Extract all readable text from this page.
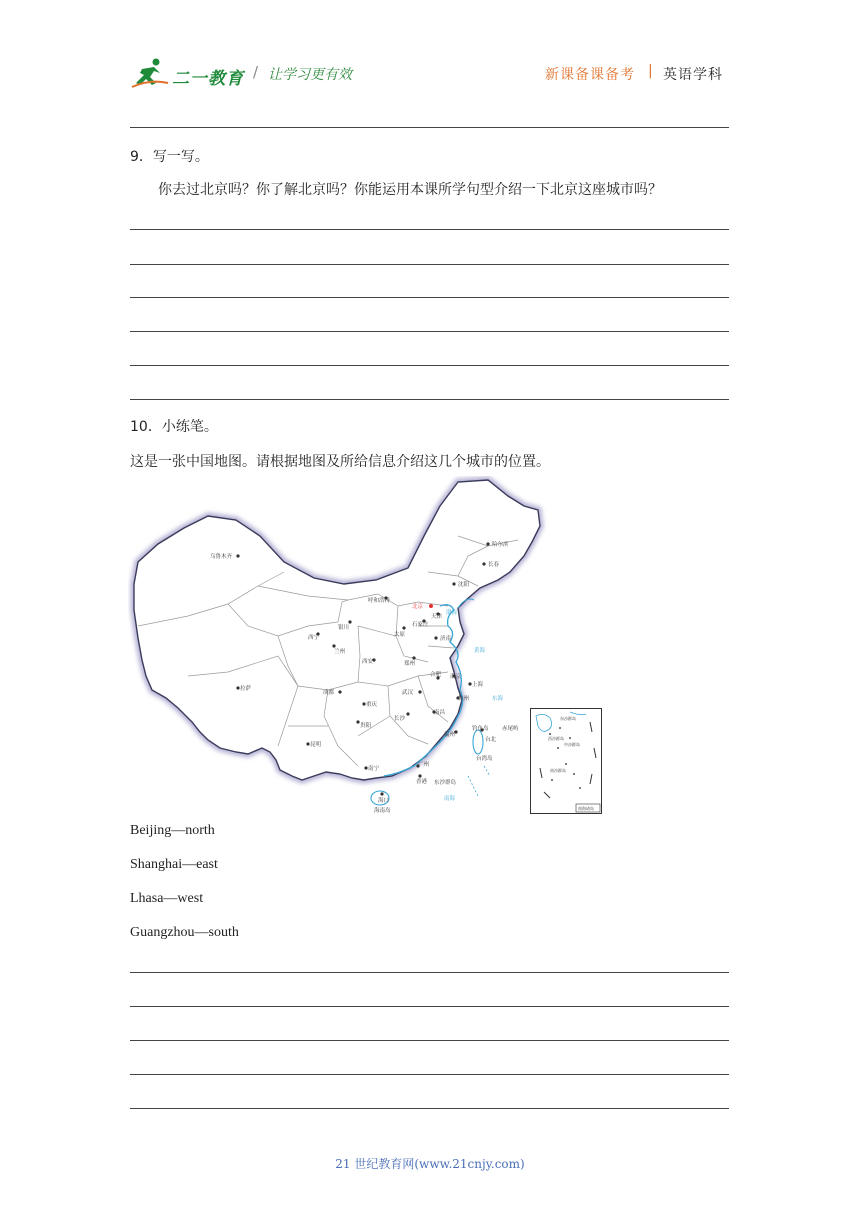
二一教育 / 让学习更有效	新课备课备考 | 英语学科
9．写一写。
你去过北京吗？你了解北京吗？你能运用本课所学句型介绍一下北京这座城市吗？
10．小练笔。
这是一张中国地图。请根据地图及所给信息介绍这几个城市的位置。
乌鲁木齐
哈尔滨
长春
沈阳
呼和浩特
北京
天津
石家庄
太原
济南
西宁
银川
兰州
西安	郑州
合肥 南京
上海
杭州
拉萨
成都
重庆
武汉
长沙
南昌
福州
贵阳
昆明
南宁
广州
香港
海口
台北
海南岛
台湾岛
钓鱼岛 赤尾屿
东沙群岛
渤海
黄海
东海
南海
东沙群岛
西沙群岛
中沙群岛
南沙群岛
南海诸岛
Beijing—north
Shanghai—east
Lhasa—west
Guangzhou—south
21 世纪教育网(www.21cnjy.com)
